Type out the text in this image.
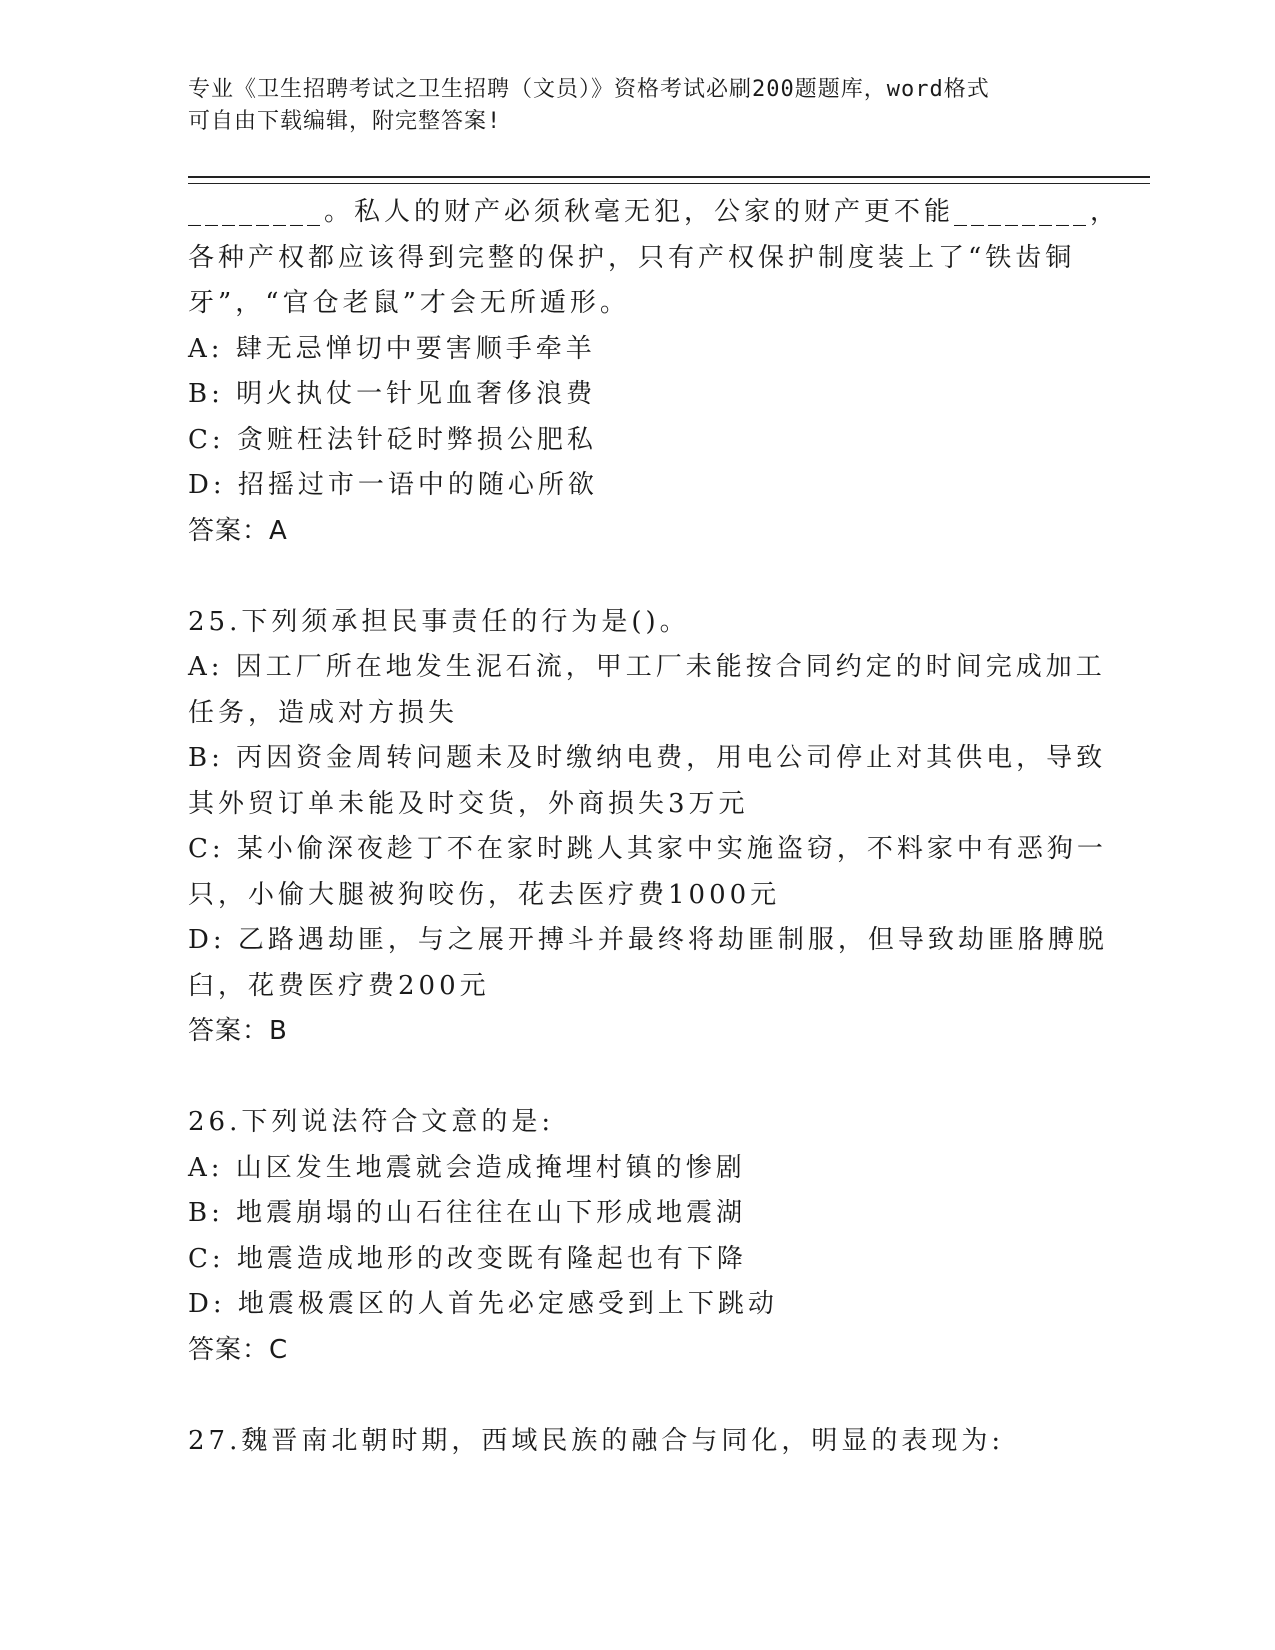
专业《卫生招聘考试之卫生招聘（文员）》资格考试必刷200题题库，word格式
可自由下载编辑，附完整答案!
________。私人的财产必须秋毫无犯，公家的财产更不能________，
各种产权都应该得到完整的保护，只有产权保护制度装上了“铁齿铜
牙”，“官仓老鼠”才会无所遁形。
A: 肆无忌惮切中要害顺手牵羊
B: 明火执仗一针见血奢侈浪费
C: 贪赃枉法针砭时弊损公肥私
D: 招摇过市一语中的随心所欲
答案：A
25.下列须承担民事责任的行为是()。
A: 因工厂所在地发生泥石流，甲工厂未能按合同约定的时间完成加工
任务，造成对方损失
B: 丙因资金周转问题未及时缴纳电费，用电公司停止对其供电，导致
其外贸订单未能及时交货，外商损失3万元
C: 某小偷深夜趁丁不在家时跳人其家中实施盗窃，不料家中有恶狗一
只，小偷大腿被狗咬伤，花去医疗费1000元
D: 乙路遇劫匪，与之展开搏斗并最终将劫匪制服，但导致劫匪胳膊脱
臼，花费医疗费200元
答案：B
26.下列说法符合文意的是:
A: 山区发生地震就会造成掩埋村镇的惨剧
B: 地震崩塌的山石往往在山下形成地震湖
C: 地震造成地形的改变既有隆起也有下降
D: 地震极震区的人首先必定感受到上下跳动
答案：C
27.魏晋南北朝时期，西域民族的融合与同化，明显的表现为:
